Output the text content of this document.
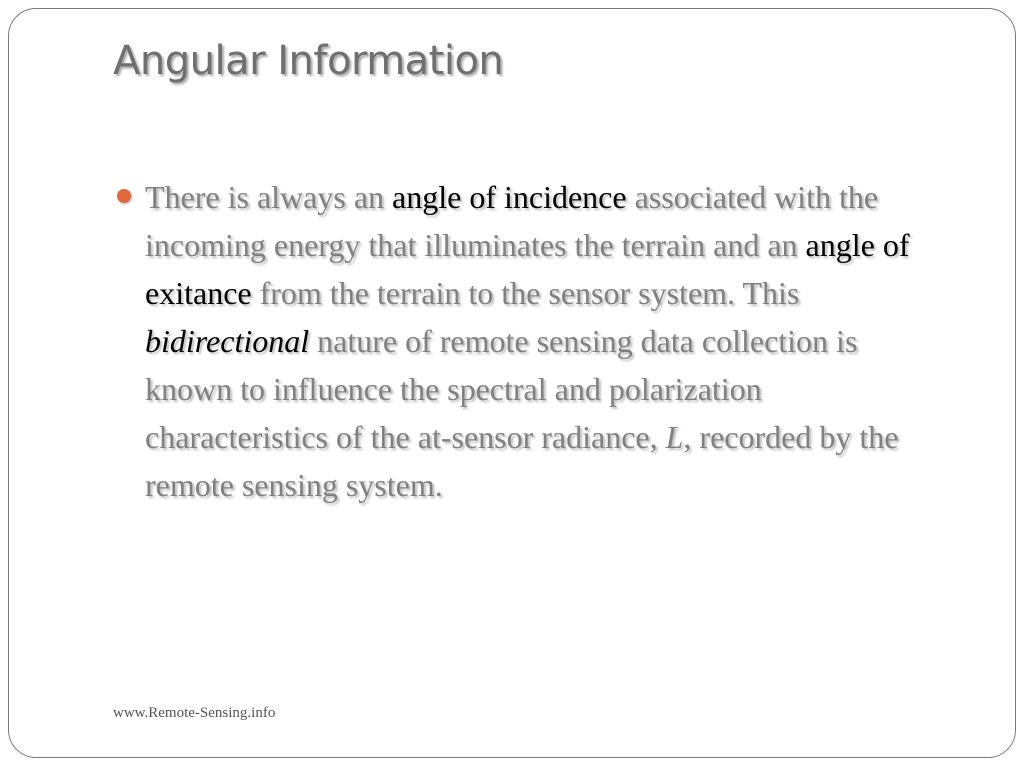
Angular Information
There is always an angle of incidence associated with the incoming energy that illuminates the terrain and an angle of exitance from the terrain to the sensor system. This bidirectional nature of remote sensing data collection is known to influence the spectral and polarization characteristics of the at-sensor radiance, L, recorded by the remote sensing system.
www.Remote-Sensing.info
